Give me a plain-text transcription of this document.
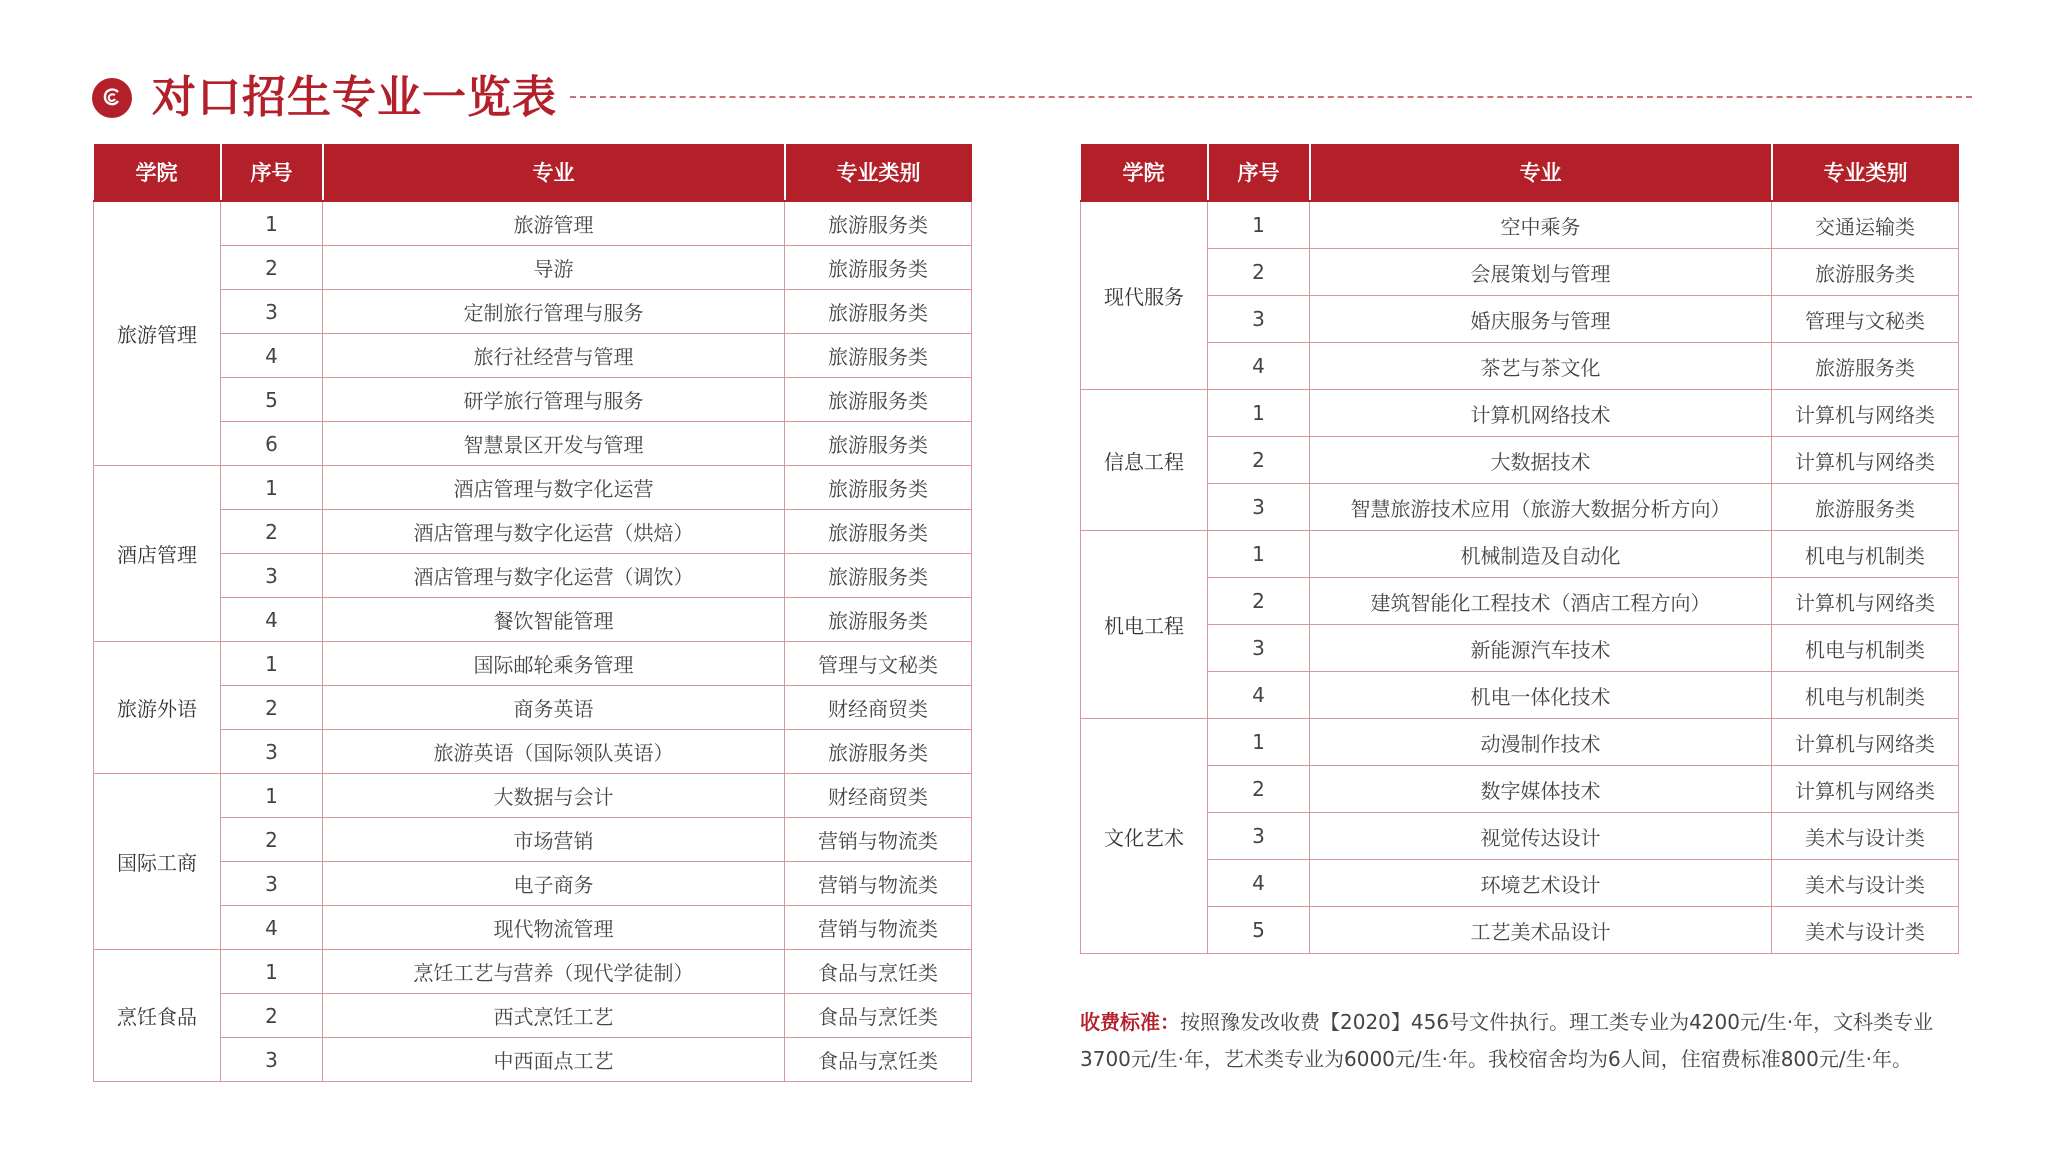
对口招生专业一览表
学院	序号	专业	专业类别
旅游管理	1	旅游管理	旅游服务类
	2	导游	旅游服务类
	3	定制旅行管理与服务	旅游服务类
	4	旅行社经营与管理	旅游服务类
	5	研学旅行管理与服务	旅游服务类
	6	智慧景区开发与管理	旅游服务类
酒店管理	1	酒店管理与数字化运营	旅游服务类
	2	酒店管理与数字化运营（烘焙）	旅游服务类
	3	酒店管理与数字化运营（调饮）	旅游服务类
	4	餐饮智能管理	旅游服务类
旅游外语	1	国际邮轮乘务管理	管理与文秘类
	2	商务英语	财经商贸类
	3	旅游英语（国际领队英语）	旅游服务类
国际工商	1	大数据与会计	财经商贸类
	2	市场营销	营销与物流类
	3	电子商务	营销与物流类
	4	现代物流管理	营销与物流类
烹饪食品	1	烹饪工艺与营养（现代学徒制）	食品与烹饪类
	2	西式烹饪工艺	食品与烹饪类
	3	中西面点工艺	食品与烹饪类
学院	序号	专业	专业类别
现代服务	1	空中乘务	交通运输类
	2	会展策划与管理	旅游服务类
	3	婚庆服务与管理	管理与文秘类
	4	茶艺与茶文化	旅游服务类
信息工程	1	计算机网络技术	计算机与网络类
	2	大数据技术	计算机与网络类
	3	智慧旅游技术应用（旅游大数据分析方向）	旅游服务类
机电工程	1	机械制造及自动化	机电与机制类
	2	建筑智能化工程技术（酒店工程方向）	计算机与网络类
	3	新能源汽车技术	机电与机制类
	4	机电一体化技术	机电与机制类
文化艺术	1	动漫制作技术	计算机与网络类
	2	数字媒体技术	计算机与网络类
	3	视觉传达设计	美术与设计类
	4	环境艺术设计	美术与设计类
	5	工艺美术品设计	美术与设计类
收费标准：按照豫发改收费【2020】456号文件执行。理工类专业为4200元/生·年，文科类专业3700元/生·年，艺术类专业为6000元/生·年。我校宿舍均为6人间，住宿费标准800元/生·年。
